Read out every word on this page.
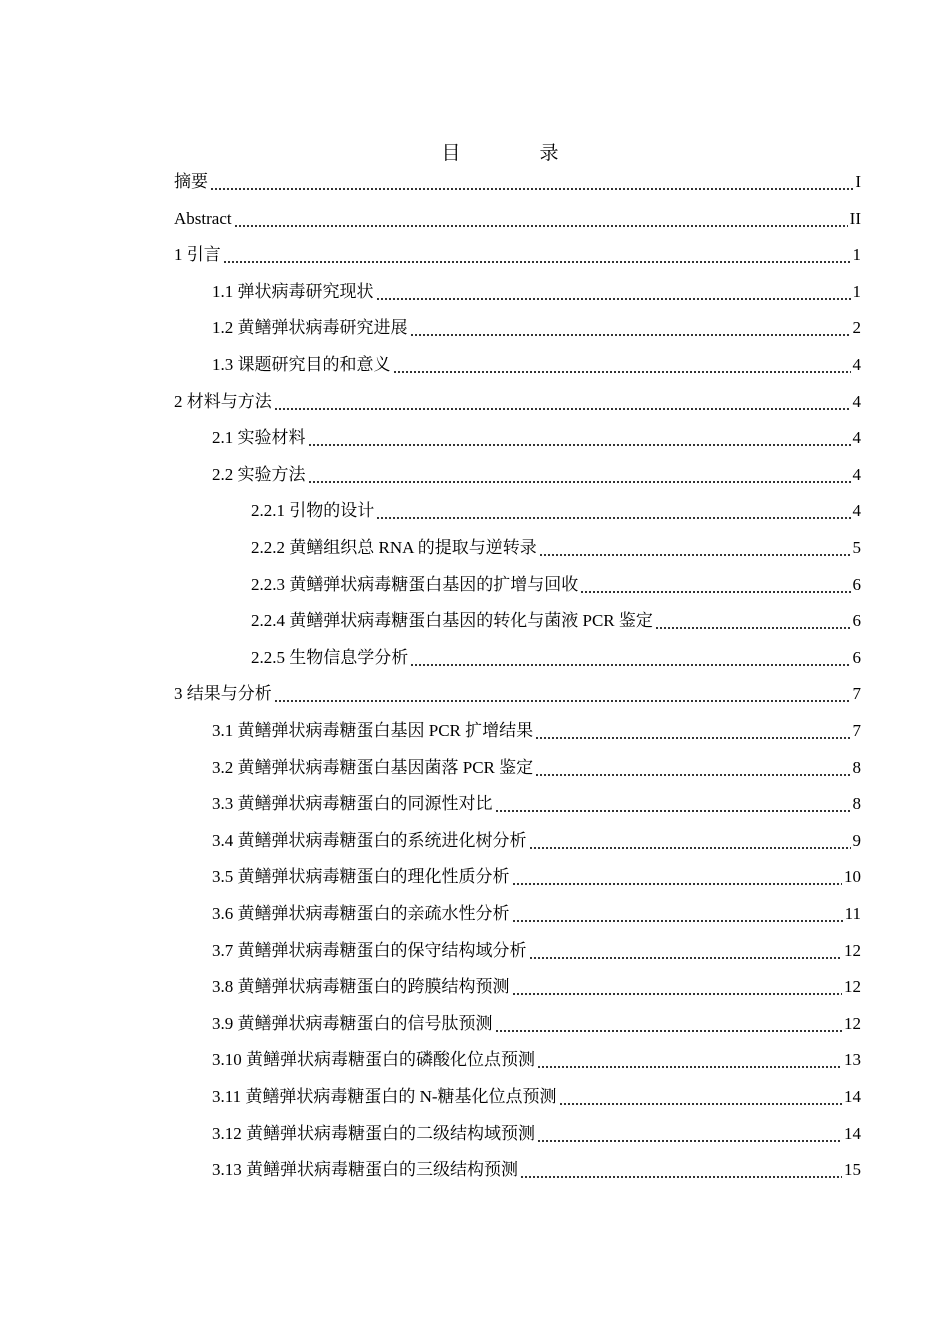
目　录
摘要	I
Abstract	II
1 引言	1
1.1 弹状病毒研究现状	1
1.2 黄鳝弹状病毒研究进展	2
1.3 课题研究目的和意义	4
2 材料与方法	4
2.1 实验材料	4
2.2 实验方法	4
2.2.1 引物的设计	4
2.2.2 黄鳝组织总 RNA 的提取与逆转录	5
2.2.3 黄鳝弹状病毒糖蛋白基因的扩增与回收	6
2.2.4 黄鳝弹状病毒糖蛋白基因的转化与菌液 PCR 鉴定	6
2.2.5 生物信息学分析	6
3 结果与分析	7
3.1 黄鳝弹状病毒糖蛋白基因 PCR 扩增结果	7
3.2 黄鳝弹状病毒糖蛋白基因菌落 PCR 鉴定	8
3.3 黄鳝弹状病毒糖蛋白的同源性对比	8
3.4 黄鳝弹状病毒糖蛋白的系统进化树分析	9
3.5 黄鳝弹状病毒糖蛋白的理化性质分析	10
3.6 黄鳝弹状病毒糖蛋白的亲疏水性分析	11
3.7 黄鳝弹状病毒糖蛋白的保守结构域分析	12
3.8 黄鳝弹状病毒糖蛋白的跨膜结构预测	12
3.9 黄鳝弹状病毒糖蛋白的信号肽预测	12
3.10 黄鳝弹状病毒糖蛋白的磷酸化位点预测	13
3.11 黄鳝弹状病毒糖蛋白的 N-糖基化位点预测	14
3.12 黄鳝弹状病毒糖蛋白的二级结构域预测	14
3.13 黄鳝弹状病毒糖蛋白的三级结构预测	15
